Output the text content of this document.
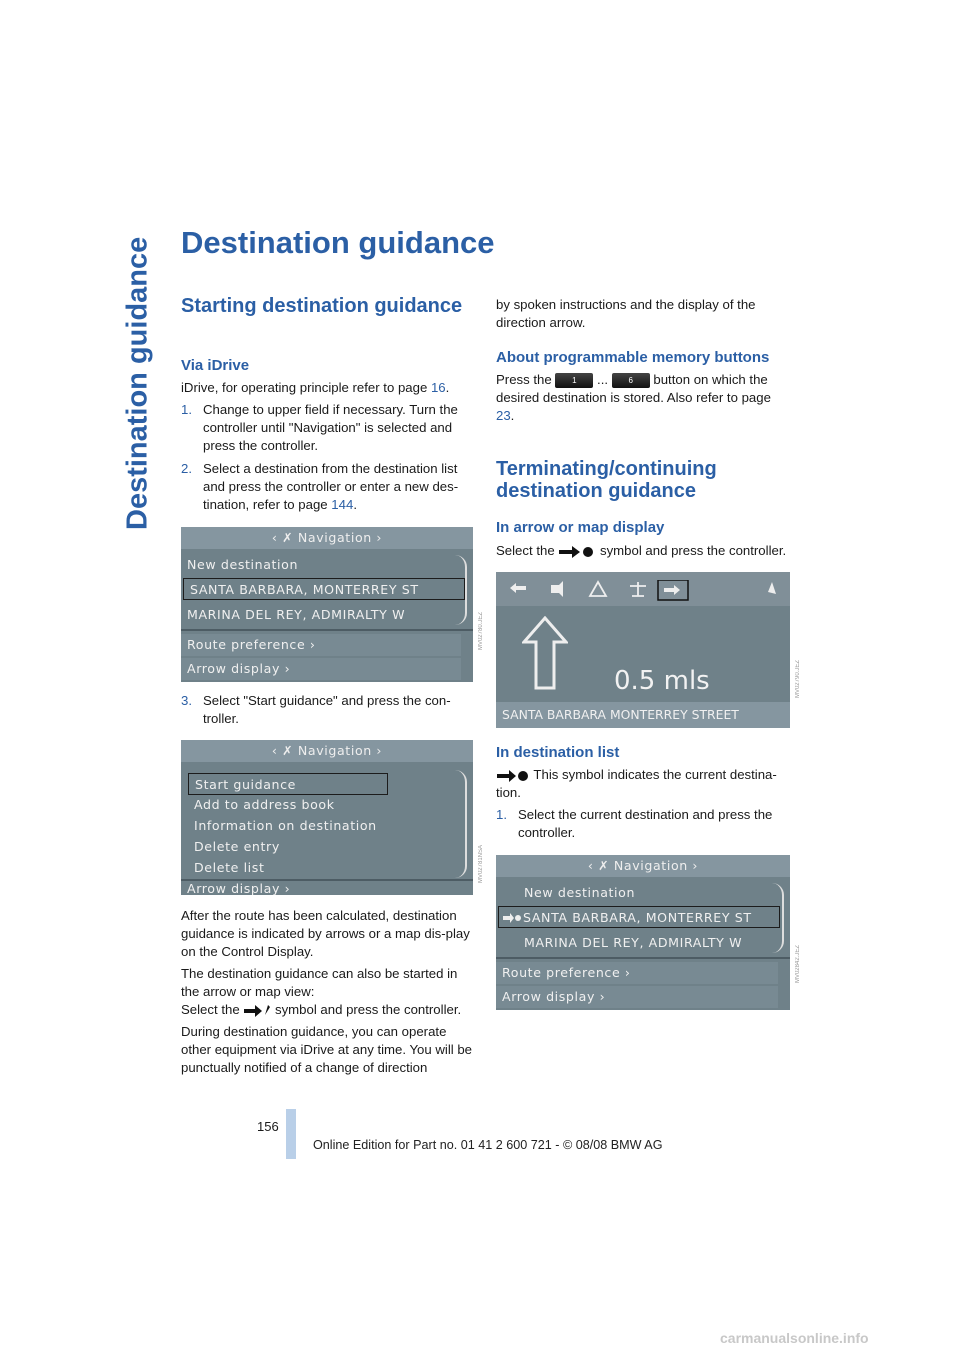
Destination guidance Destination guidance
Starting destination guidance
Via iDrive

iDrive, for operating principle refer to page 16.

1. Change to upper field if necessary. Turn the controller until "Navigation" is selected and press the controller.
2. Select a destination from the destination list and press the controller or enter a new des-tination, refer to page 144.
‹ ✗ Navigation ›
New destination
SANTA BARBARA, MONTERREY ST
MARINA DEL REY, ADMIRALTY W
Route preference ›
Arrow display ›
MV02780.JEZ
3. Select "Start guidance" and press the con-troller.
‹ ✗ Navigation ›
Start guidance
Add to address book
Information on destination
Delete entry
Delete list
Arrow display ›
MV02781NSA

After the route has been calculated, destination guidance is indicated by arrows or a map dis-play on the Control Display.

The destination guidance can also be started in the arrow or map view:

Select the  symbol and press the controller.

During destination guidance, you can operate other equipment via iDrive at any time. You will be punctually notified of a change of direction

by spoken instructions and the display of the direction arrow.

About programmable memory buttons

Press the 1 ... 6 button on which the desired destination is stored. Also refer to page 23.

Terminating/continuing destination guidance
In arrow or map display

Select the	symbol and press the controller.

0.5 mls
SANTA BARBARA MONTERREY STREET
MV02790.JEZ
In destination list

This symbol indicates the current destina-tion.

1. Select the current destination and press the controller.
‹ ✗ Navigation ›
New destination
SANTA BARBARA, MONTERREY ST
MARINA DEL REY, ADMIRALTY W
Route preference ›
Arrow display ›
MV02842.JEZ
156
Online Edition for Part no. 01 41 2 600 721 - © 08/08 BMW AG
carmanualsonline.info
